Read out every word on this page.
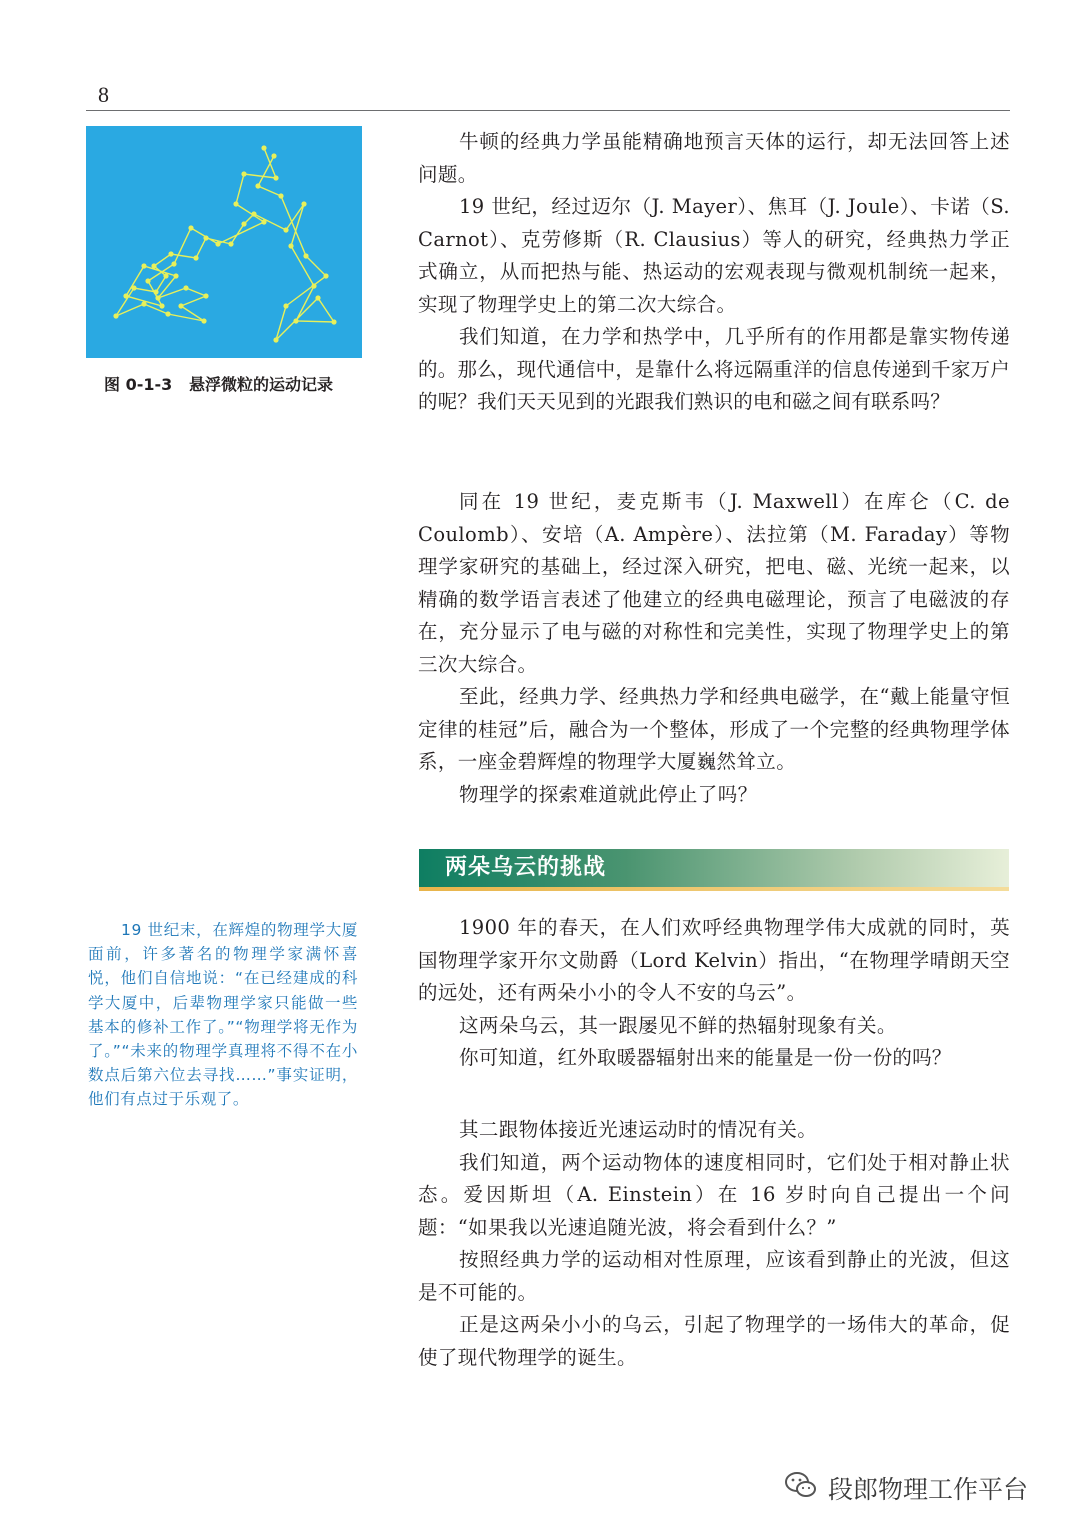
8
图 0-1-3   悬浮微粒的运动记录
19 世纪末，在辉煌的物理学大厦面前，许多著名的物理学家满怀喜悦，他们自信地说：“在已经建成的科学大厦中，后辈物理学家只能做一些基本的修补工作了。”“物理学将无作为了。”“未来的物理学真理将不得不在小数点后第六位去寻找……”事实证明，他们有点过于乐观了。

牛顿的经典力学虽能精确地预言天体的运行，却无法回答上述问题。

19 世纪，经过迈尔（J. Mayer）、焦耳（J. Joule）、卡诺（S. Carnot）、克劳修斯（R. Clausius）等人的研究，经典热力学正式确立，从而把热与能、热运动的宏观表现与微观机制统一起来，实现了物理学史上的第二次大综合。

我们知道，在力学和热学中，几乎所有的作用都是靠实物传递的。那么，现代通信中，是靠什么将远隔重洋的信息传递到千家万户的呢？我们天天见到的光跟我们熟识的电和磁之间有联系吗？

同在 19 世纪，麦克斯韦（J. Maxwell）在库仑（C. de Coulomb）、安培（A. Ampère）、法拉第（M. Faraday）等物理学家研究的基础上，经过深入研究，把电、磁、光统一起来，以精确的数学语言表述了他建立的经典电磁理论，预言了电磁波的存在，充分显示了电与磁的对称性和完美性，实现了物理学史上的第三次大综合。

至此，经典力学、经典热力学和经典电磁学，在“戴上能量守恒定律的桂冠”后，融合为一个整体，形成了一个完整的经典物理学体系，一座金碧辉煌的物理学大厦巍然耸立。

物理学的探索难道就此停止了吗？

两朵乌云的挑战

1900 年的春天，在人们欢呼经典物理学伟大成就的同时，英国物理学家开尔文勋爵（Lord Kelvin）指出，“在物理学晴朗天空的远处，还有两朵小小的令人不安的乌云”。

这两朵乌云，其一跟屡见不鲜的热辐射现象有关。

你可知道，红外取暖器辐射出来的能量是一份一份的吗？

其二跟物体接近光速运动时的情况有关。

我们知道，两个运动物体的速度相同时，它们处于相对静止状态。爱因斯坦（A. Einstein）在 16 岁时向自己提出一个问题：“如果我以光速追随光波，将会看到什么？”

按照经典力学的运动相对性原理，应该看到静止的光波，但这是不可能的。

正是这两朵小小的乌云，引起了物理学的一场伟大的革命，促使了现代物理学的诞生。

段郎物理工作平台
